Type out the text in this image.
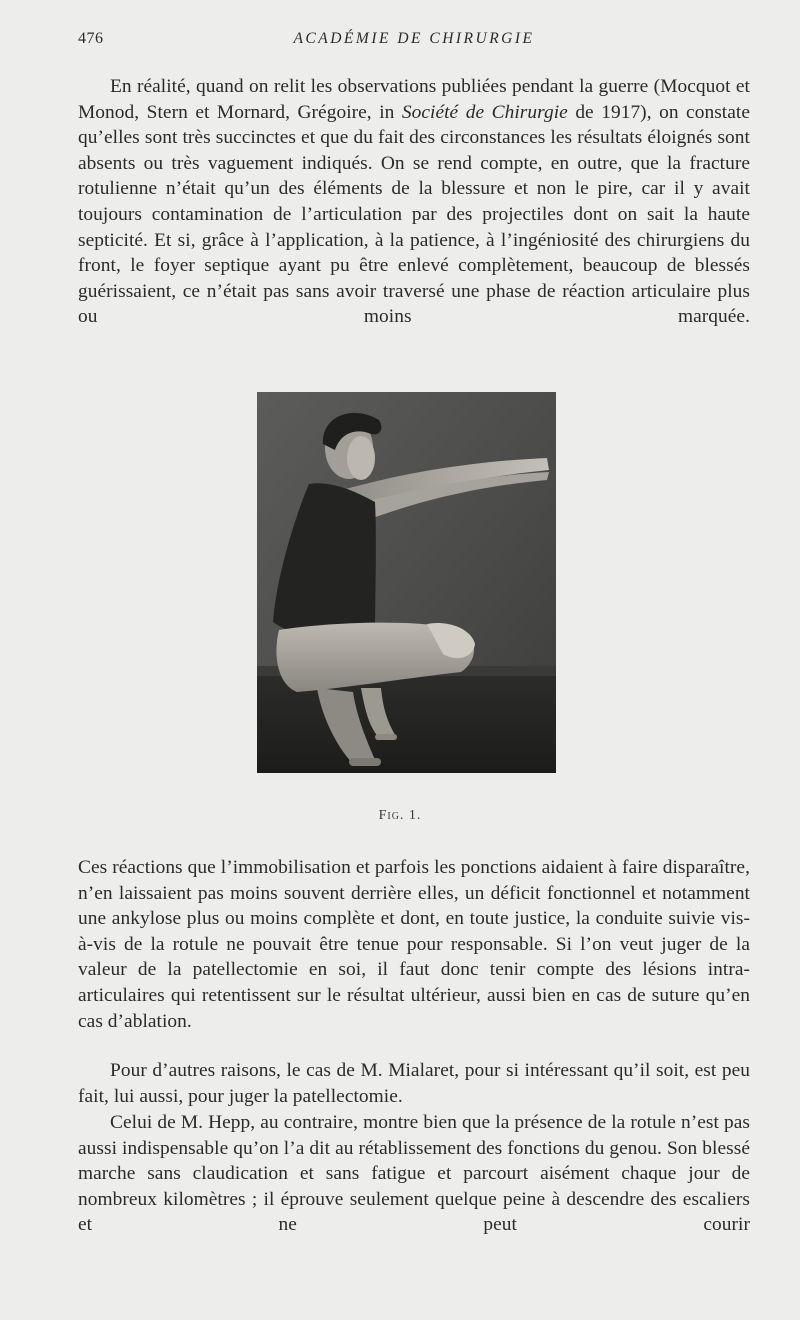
476	ACADÉMIE DE CHIRURGIE

En réalité, quand on relit les observations publiées pendant la guerre (Mocquot et Monod, Stern et Mornard, Grégoire, in Société de Chirurgie de 1917), on constate qu’elles sont très succinctes et que du fait des circonstances les résultats éloignés sont absents ou très vaguement indiqués. On se rend compte, en outre, que la fracture rotulienne n’était qu’un des éléments de la blessure et non le pire, car il y avait toujours contamination de l’articulation par des projectiles dont on sait la haute septicité. Et si, grâce à l’application, à la patience, à l’ingéniosité des chirurgiens du front, le foyer septique ayant pu être enlevé complètement, beaucoup de blessés guérissaient, ce n’était pas sans avoir traversé une phase de réaction articulaire plus ou moins marquée.

Fig. 1.

Ces réactions que l’immobilisation et parfois les ponctions aidaient à faire disparaître, n’en laissaient pas moins souvent derrière elles, un déficit fonctionnel et notamment une ankylose plus ou moins complète et dont, en toute justice, la conduite suivie vis-à-vis de la rotule ne pouvait être tenue pour responsable. Si l’on veut juger de la valeur de la patellectomie en soi, il faut donc tenir compte des lésions intra-articulaires qui retentissent sur le résultat ultérieur, aussi bien en cas de suture qu’en cas d’ablation.

Pour d’autres raisons, le cas de M. Mialaret, pour si intéressant qu’il soit, est peu fait, lui aussi, pour juger la patellectomie.

Celui de M. Hepp, au contraire, montre bien que la présence de la rotule n’est pas aussi indispensable qu’on l’a dit au rétablissement des fonctions du genou. Son blessé marche sans claudication et sans fatigue et parcourt aisément chaque jour de nombreux kilomètres ; il éprouve seulement quelque peine à descendre des escaliers et ne peut courir
